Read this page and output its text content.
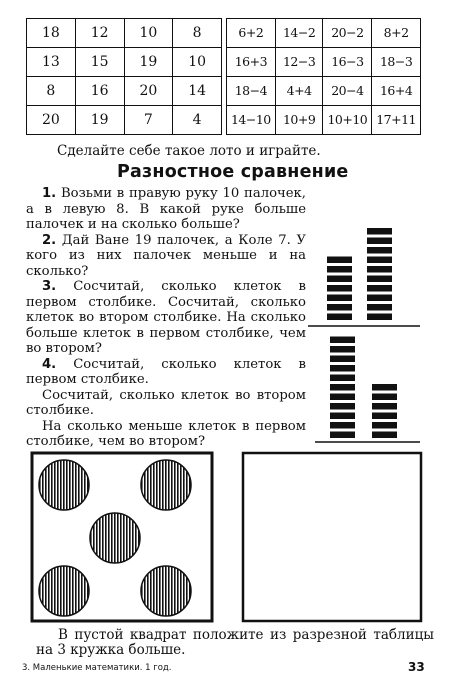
18	12	10	8
13	15	19	10
8	16	20	14
20	19	7	4
6+2	14−2	20−2	8+2
16+3	12−3	16−3	18−3
18−4	4+4	20−4	16+4
14−10	10+9	10+10	17+11
Сделайте себе такое лото и играйте.
Разностное сравнение

1. Возьми в правую руку 10 палочек, а в левую 8. В какой руке больше палочек и на сколько больше?

2. Дай Ване 19 палочек, а Коле 7. У кого из них палочек меньше и на сколько?

3. Сосчитай, сколько клеток в первом столбике. Сосчитай, сколько клеток во втором столбике. На сколько больше клеток в первом столбике, чем во втором?

4. Сосчитай, сколько клеток в первом столбике.

Сосчитай, сколько клеток во втором столбике.

На сколько меньше клеток в первом столбике, чем во втором?

В пустой квадрат положите из разрезной таблицы на 3 кружка больше.
3. Маленькие математики. 1 год.	33
